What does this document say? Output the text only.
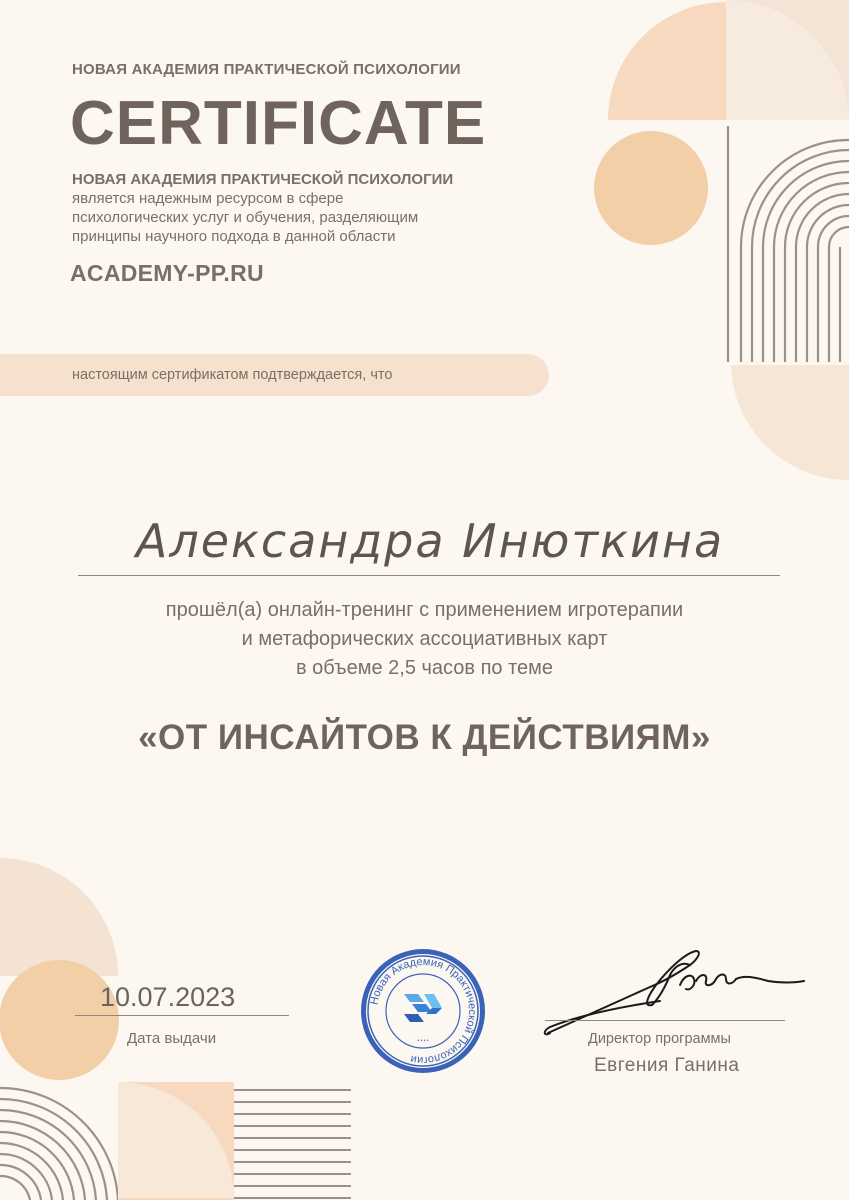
НОВАЯ АКАДЕМИЯ ПРАКТИЧЕСКОЙ ПСИХОЛОГИИ
CERTIFICATE
НОВАЯ АКАДЕМИЯ ПРАКТИЧЕСКОЙ ПСИХОЛОГИИ
является надежным ресурсом в сфере
психологических услуг и обучения, разделяющим
принципы научного подхода в данной области
ACADEMY-PP.RU
настоящим сертификатом подтверждается, что
Александра Инюткина
прошёл(а) онлайн-тренинг с применением игротерапии
и метафорических ассоциативных карт
в объеме 2,5 часов по теме
«ОТ ИНСАЙТОВ К ДЕЙСТВИЯМ»
10.07.2023
Дата выдачи
Новая Академия Практической Психологии
• • • •	Директор программы
Евгения Ганина
